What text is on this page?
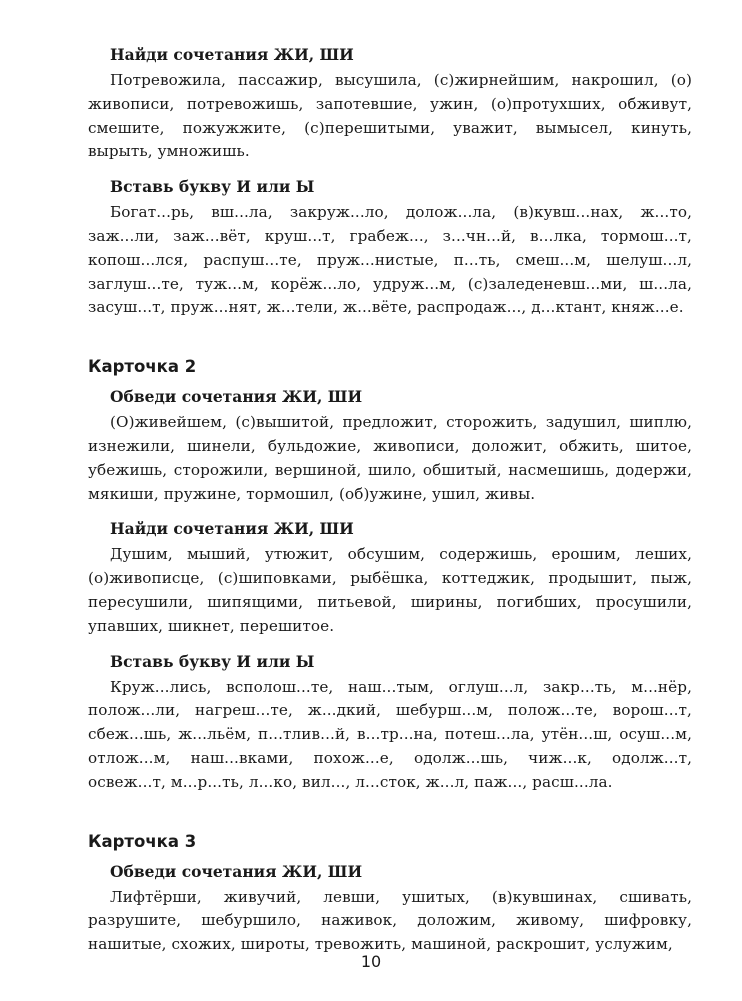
Найди сочетания ЖИ, ШИ
Потревожила, пассажир, высушила, (с)жирнейшим, накрошил, (о) живописи, потревожишь, запотевшие, ужин, (о)протухших, обживут, смешите, пожужжите, (с)перешитыми, уважит, вымысел, кинуть, вырыть, умножишь.
Вставь букву И или Ы
Богат...рь, вш...ла, закруж...ло, долож...ла, (в)кувш...нах, ж...то, заж...ли, заж...вёт, круш...т, грабеж..., з...чн...й, в...лка, тормош...т, копош...лся, распуш...те, пруж...нистые, п...ть, смеш...м, шелуш...л, заглуш...те, туж...м, корёж...ло, удруж...м, (с)заледеневш...ми, ш...ла, засуш...т, пруж...нят, ж...тели, ж...вёте, распродаж..., д...ктант, княж...е.
Карточка 2
Обведи сочетания ЖИ, ШИ
(О)живейшем, (с)вышитой, предложит, сторожить, задушил, шиплю, изнежили, шинели, бульдожие, живописи, доложит, обжить, шитое, убежишь, сторожили, вершиной, шило, обшитый, насмешишь, додержи, мякиши, пружине, тормошил, (об)ужине, ушил, живы.
Найди сочетания ЖИ, ШИ
Душим, мыший, утюжит, обсушим, содержишь, ерошим, леших, (о)живописце, (с)шиповками, рыбёшка, коттеджик, продышит, пыж, пересушили, шипящими, питьевой, ширины, погибших, просушили, упавших, шикнет, перешитое.
Вставь букву И или Ы
Круж...лись, всполош...те, наш...тым, оглуш...л, закр...ть, м...нёр, полож...ли, нагреш...те, ж...дкий, шебурш...м, полож...те, ворош...т, сбеж...шь, ж...льём, п...тлив...й, в...тр...на, потеш...ла, утён...ш, осуш...м, отлож...м, наш...вками, похож...е, одолж...шь, чиж...к, одолж...т, освеж...т, м...р...ть, л...ко, вил..., л...сток, ж...л, паж..., расш...ла.
Карточка 3
Обведи сочетания ЖИ, ШИ
Лифтёрши, живучий, левши, ушитых, (в)кувшинах, сшивать, разрушите, шебуршило, наживок, доложим, живому, шифровку, нашитые, схожих, широты, тревожить, машиной, раскрошит, услужим,
10
